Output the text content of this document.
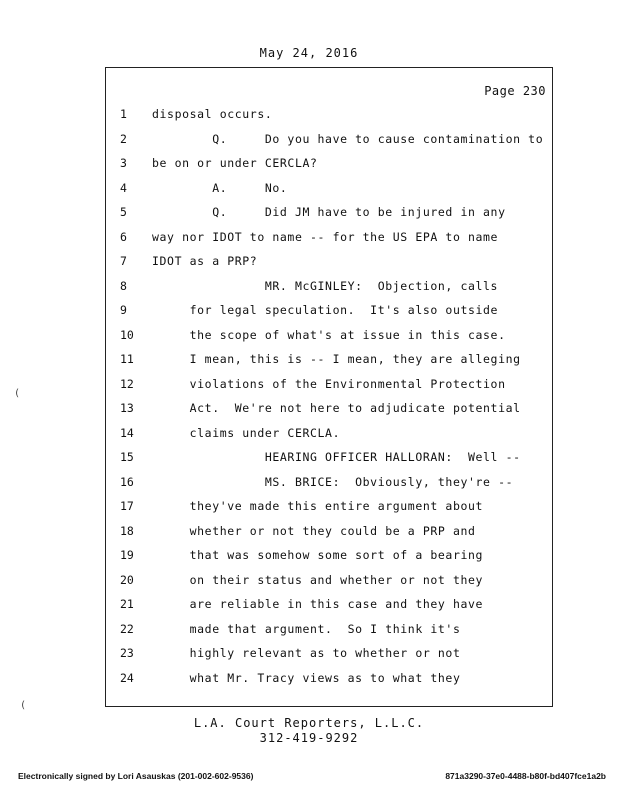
May 24, 2016
Page 230
1	disposal occurs.
2	Q.     Do you have to cause contamination to
3	be on or under CERCLA?
4	A.     No.
5	Q.     Did JM have to be injured in any
6	way nor IDOT to name -- for the US EPA to name
7	IDOT as a PRP?
8	MR. McGINLEY:  Objection, calls
9	for legal speculation.  It's also outside
10	the scope of what's at issue in this case.
11	I mean, this is -- I mean, they are alleging
12	violations of the Environmental Protection
13	Act.  We're not here to adjudicate potential
14	claims under CERCLA.
15	HEARING OFFICER HALLORAN:  Well --
16	MS. BRICE:  Obviously, they're --
17	they've made this entire argument about
18	whether or not they could be a PRP and
19	that was somehow some sort of a bearing
20	on their status and whether or not they
21	are reliable in this case and they have
22	made that argument.  So I think it's
23	highly relevant as to whether or not
24	what Mr. Tracy views as to what they
(
(
L.A. Court Reporters, L.L.C.
312-419-9292
Electronically signed by Lori Asauskas (201-002-602-9536)	871a3290-37e0-4488-b80f-bd407fce1a2b
